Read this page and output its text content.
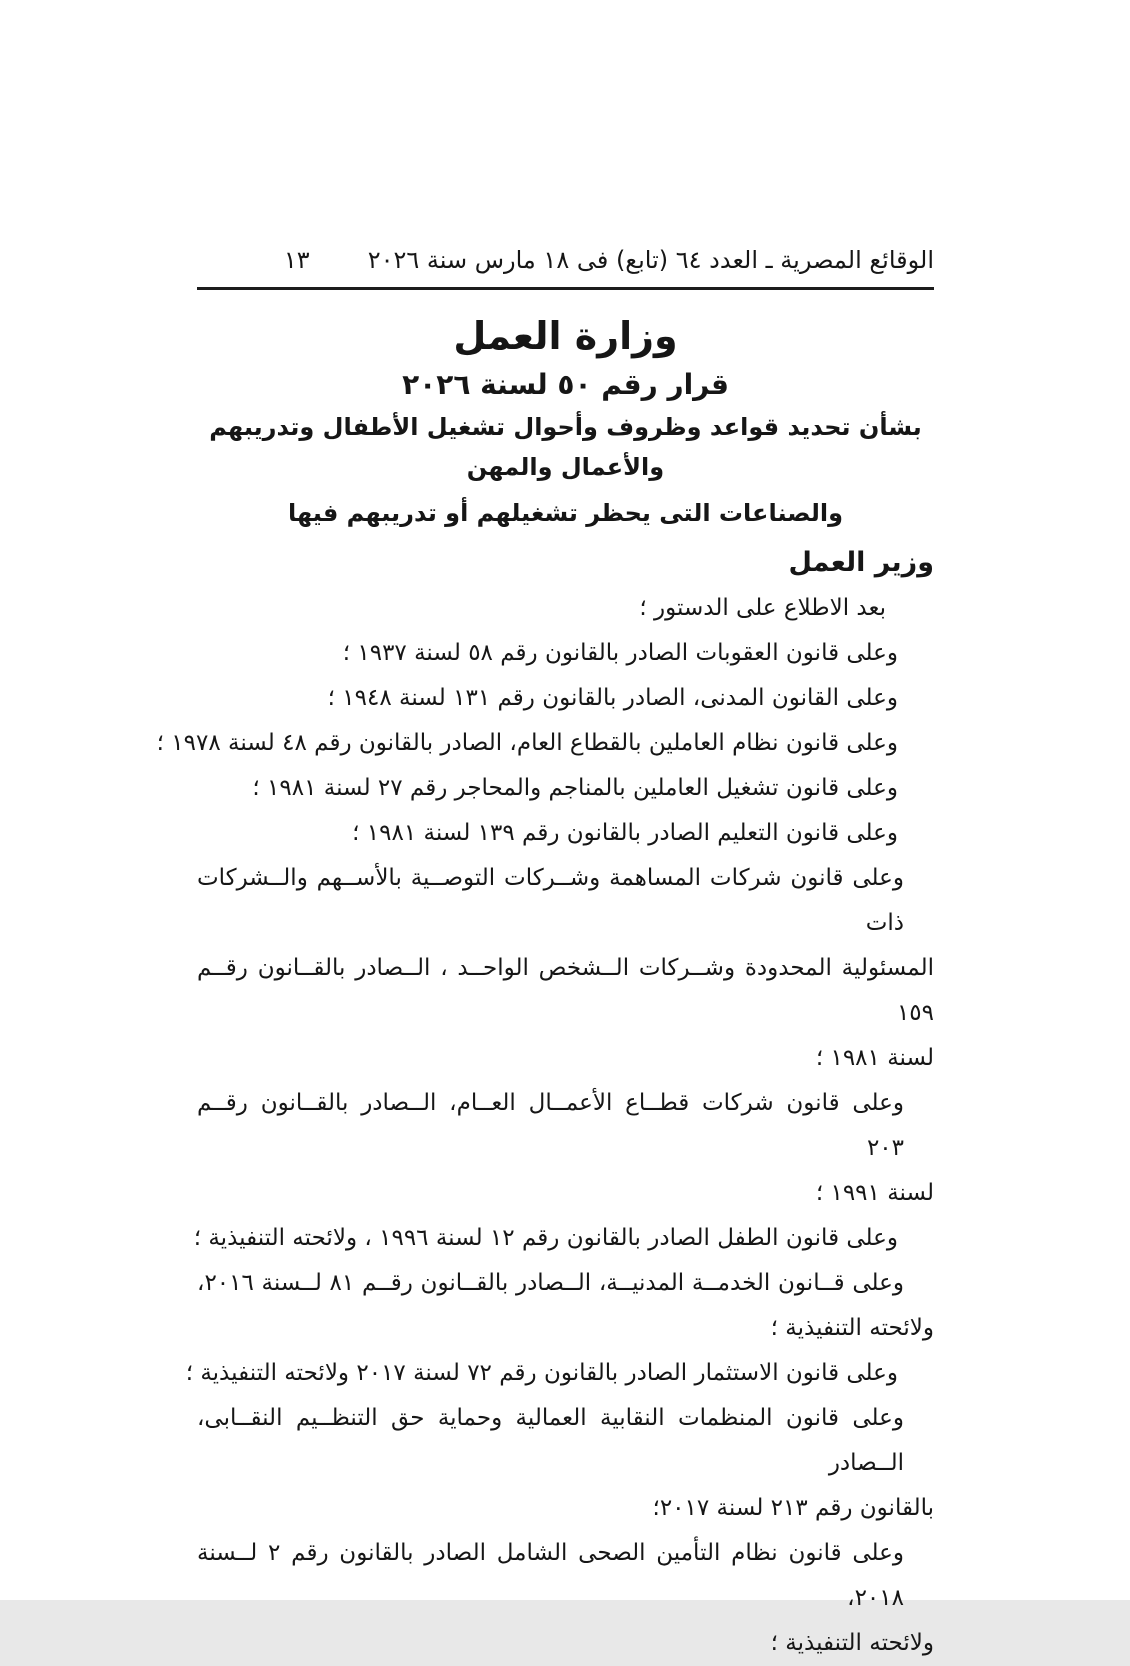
الوقائع المصرية ـ العدد ٦٤ (تابع) فى ١٨ مارس سنة ٢٠٢٦
١٣
وزارة العمل
قرار رقم ٥٠ لسنة ٢٠٢٦
بشأن تحديد قواعد وظروف وأحوال تشغيل الأطفال وتدريبهم والأعمال والمهن
والصناعات التى يحظر تشغيلهم أو تدريبهم فيها
وزير العمل
بعد الاطلاع على الدستور ؛
وعلى قانون العقوبات الصادر بالقانون رقم ٥٨ لسنة ١٩٣٧ ؛
وعلى القانون المدنى، الصادر بالقانون رقم ١٣١ لسنة ١٩٤٨ ؛
وعلى قانون نظام العاملين بالقطاع العام، الصادر بالقانون رقم ٤٨ لسنة ١٩٧٨ ؛
وعلى قانون تشغيل العاملين بالمناجم والمحاجر رقم ٢٧ لسنة ١٩٨١ ؛
وعلى قانون التعليم الصادر بالقانون رقم ١٣٩ لسنة ١٩٨١ ؛
وعلى قانون شركات المساهمة وشــركات التوصــية بالأســهم والــشركات ذات
المسئولية المحدودة وشــركات الــشخص الواحــد ، الــصادر بالقــانون رقــم ١٥٩
لسنة ١٩٨١ ؛
وعلى قانون شركات قطــاع الأعمــال العــام، الــصادر بالقــانون رقــم ٢٠٣
لسنة ١٩٩١ ؛
وعلى قانون الطفل الصادر بالقانون رقم ١٢ لسنة ١٩٩٦ ، ولائحته التنفيذية ؛
وعلى قــانون الخدمــة المدنيــة، الــصادر بالقــانون رقــم ٨١ لــسنة ٢٠١٦،
ولائحته التنفيذية ؛
وعلى قانون الاستثمار الصادر بالقانون رقم ٧٢ لسنة ٢٠١٧ ولائحته التنفيذية ؛
وعلى قانون المنظمات النقابية العمالية وحماية حق التنظــيم النقــابى، الــصادر
بالقانون رقم ٢١٣ لسنة ٢٠١٧؛
وعلى قانون نظام التأمين الصحى الشامل الصادر بالقانون رقم ٢ لــسنة ٢٠١٨،
ولائحته التنفيذية ؛
